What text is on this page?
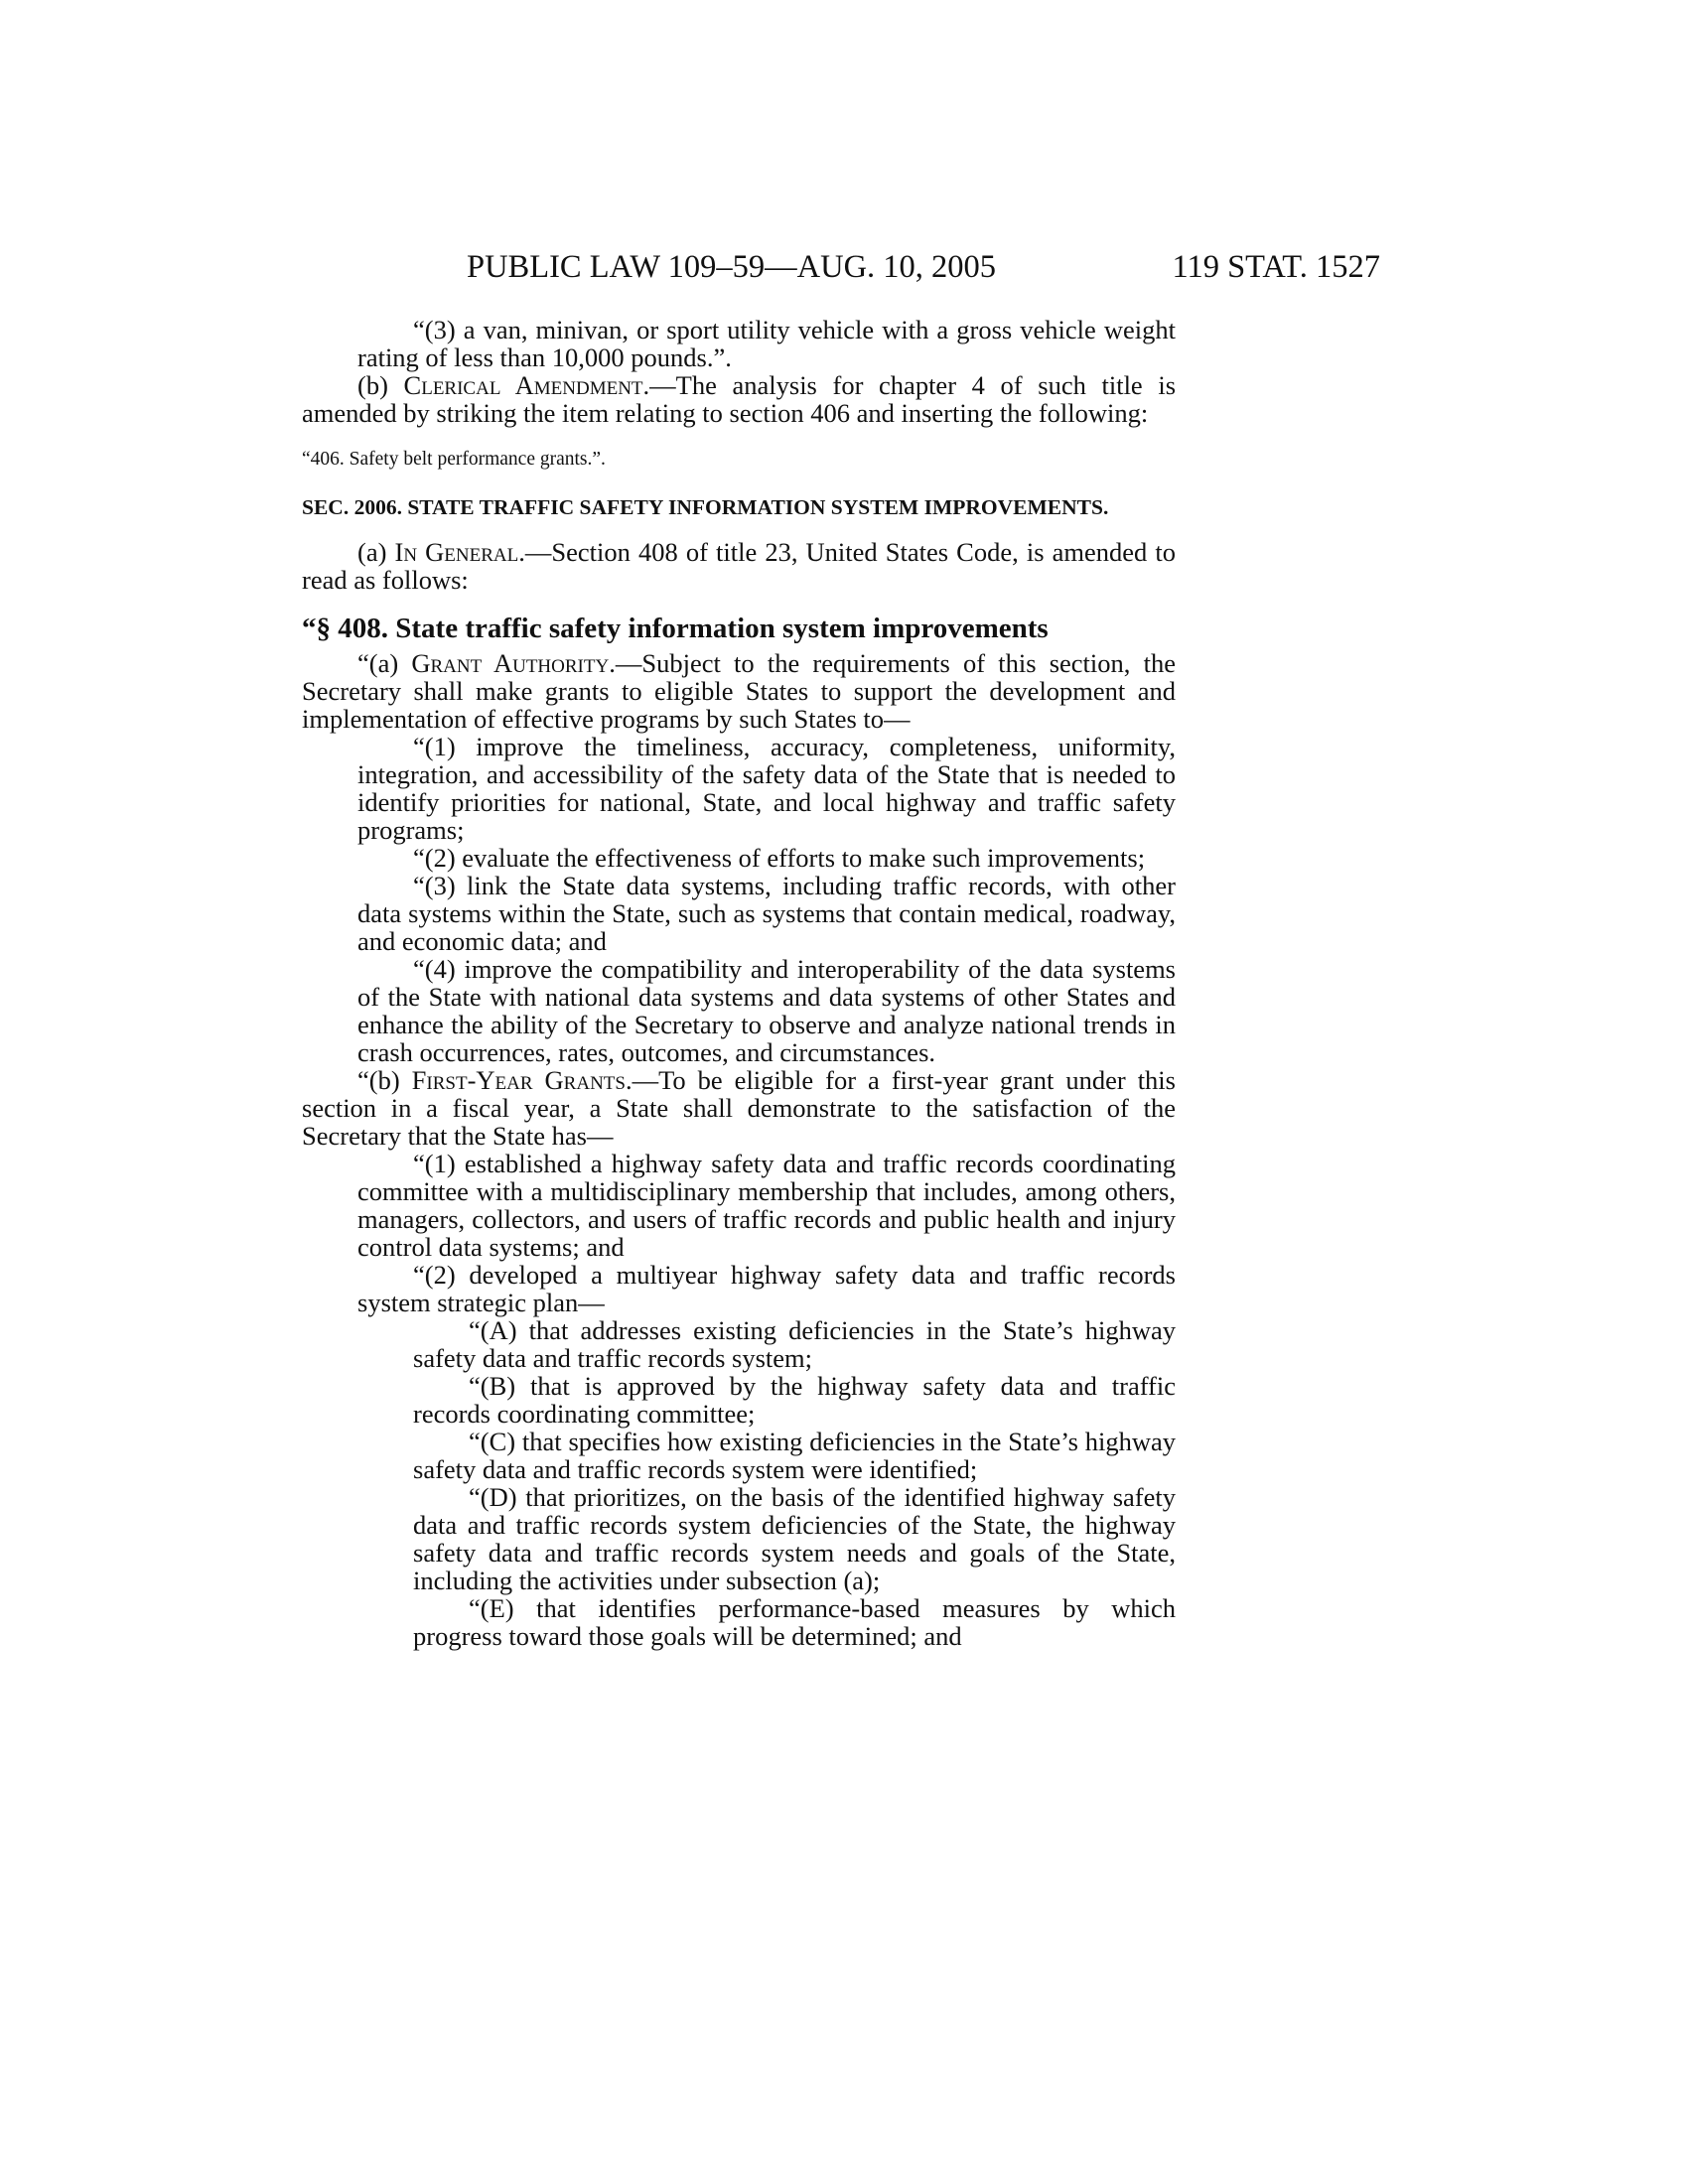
PUBLIC LAW 109–59—AUG. 10, 2005	119 STAT. 1527

“(3) a van, minivan, or sport utility vehicle with a gross vehicle weight rating of less than 10,000 pounds.”.

(b) Clerical Amendment.—The analysis for chapter 4 of such title is amended by striking the item relating to section 406 and inserting the following:

“406. Safety belt performance grants.”.

SEC. 2006. STATE TRAFFIC SAFETY INFORMATION SYSTEM IMPROVEMENTS.

(a) In General.—Section 408 of title 23, United States Code, is amended to read as follows:

“§ 408. State traffic safety information system improvements

“(a) Grant Authority.—Subject to the requirements of this section, the Secretary shall make grants to eligible States to support the development and implementation of effective programs by such States to—

“(1) improve the timeliness, accuracy, completeness, uniformity, integration, and accessibility of the safety data of the State that is needed to identify priorities for national, State, and local highway and traffic safety programs;

“(2) evaluate the effectiveness of efforts to make such improvements;

“(3) link the State data systems, including traffic records, with other data systems within the State, such as systems that contain medical, roadway, and economic data; and

“(4) improve the compatibility and interoperability of the data systems of the State with national data systems and data systems of other States and enhance the ability of the Secretary to observe and analyze national trends in crash occurrences, rates, outcomes, and circumstances.

“(b) First-Year Grants.—To be eligible for a first-year grant under this section in a fiscal year, a State shall demonstrate to the satisfaction of the Secretary that the State has—

“(1) established a highway safety data and traffic records coordinating committee with a multidisciplinary membership that includes, among others, managers, collectors, and users of traffic records and public health and injury control data systems; and

“(2) developed a multiyear highway safety data and traffic records system strategic plan—

“(A) that addresses existing deficiencies in the State’s highway safety data and traffic records system;

“(B) that is approved by the highway safety data and traffic records coordinating committee;

“(C) that specifies how existing deficiencies in the State’s highway safety data and traffic records system were identified;

“(D) that prioritizes, on the basis of the identified highway safety data and traffic records system deficiencies of the State, the highway safety data and traffic records system needs and goals of the State, including the activities under subsection (a);

“(E) that identifies performance-based measures by which progress toward those goals will be determined; and
